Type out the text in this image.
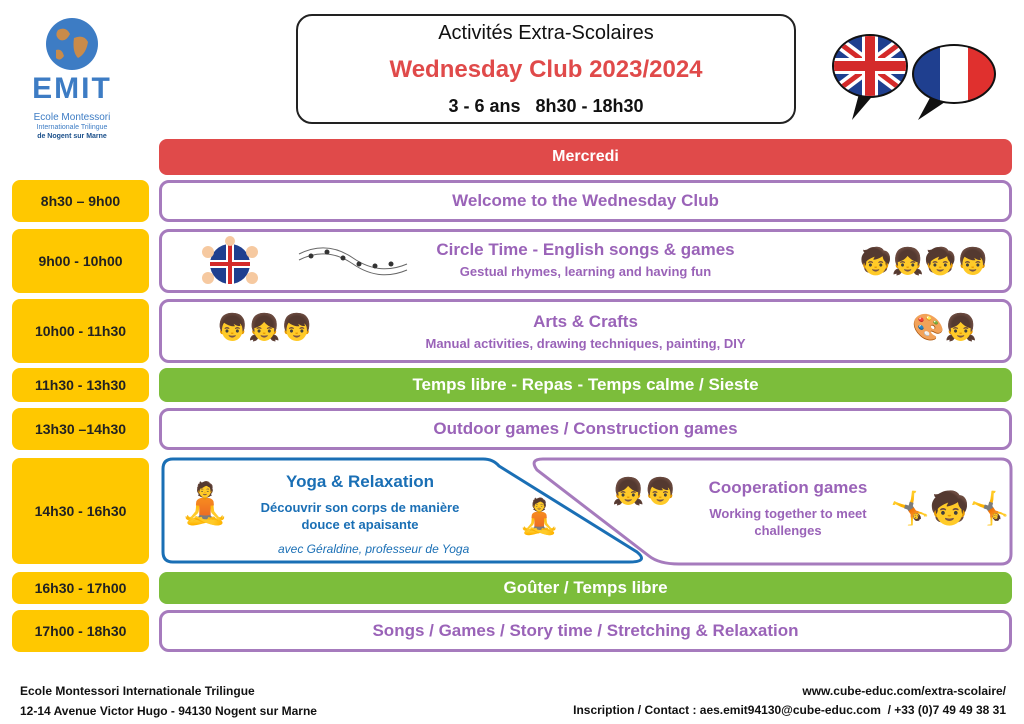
EMIT
Ecole Montessori
Internationale Trilingue
de Nogent sur Marne
Activités Extra-Scolaires
Wednesday Club 2023/2024
3 - 6 ans   8h30 - 18h30
Mercredi
8h30 – 9h00	Welcome to the Wednesday Club
9h00 - 10h00
Circle Time - English songs & games
Gestual rhymes, learning and having fun	🧒👧🧒👦
10h00 - 11h30	👦👧👦	Arts & Crafts
Manual activities, drawing techniques, painting, DIY
🎨👧
11h30 - 13h30	Temps libre - Repas - Temps calme / Sieste
13h30 –14h30	Outdoor games / Construction games
14h30 - 16h30	🧘
Yoga & Relaxation
Découvrir son corps de manière
douce et apaisante
avec Géraldine, professeur de Yoga
🧘
👧👦	Cooperation games
Working together to meet
challenges
🤸🧒🤸
16h30 - 17h00	Goûter / Temps libre
17h00 - 18h30	Songs / Games / Story time / Stretching & Relaxation
Ecole Montessori Internationale Trilingue
12-14 Avenue Victor Hugo - 94130 Nogent sur Marne
www.cube-educ.com/extra-scolaire/
Inscription / Contact : aes.emit94130@cube-educ.com  / +33 (0)7 49 49 38 31
